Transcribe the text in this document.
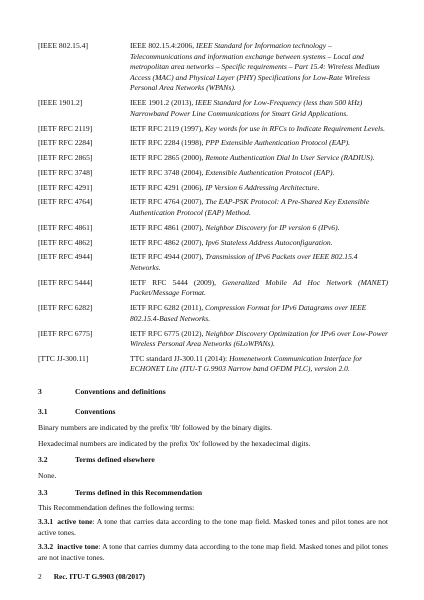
[IEEE 802.15.4]	IEEE 802.15.4:2006, IEEE Standard for Information technology – Telecommunications and information exchange between systems – Local and metropolitan area networks – Specific requirements – Part 15.4: Wireless Medium Access (MAC) and Physical Layer (PHY) Specifications for Low-Rate Wireless Personal Area Networks (WPANs).
[IEEE 1901.2]	IEEE 1901.2 (2013), IEEE Standard for Low-Frequency (less than 500 kHz) Narrowband Power Line Communications for Smart Grid Applications.
[IETF RFC 2119]	IETF RFC 2119 (1997), Key words for use in RFCs to Indicate Requirement Levels.
[IETF RFC 2284]	IETF RFC 2284 (1998), PPP Extensible Authentication Protocol (EAP).
[IETF RFC 2865]	IETF RFC 2865 (2000), Remote Authentication Dial In User Service (RADIUS).
[IETF RFC 3748]	IETF RFC 3748 (2004), Extensible Authentication Protocol (EAP).
[IETF RFC 4291]	IETF RFC 4291 (2006), IP Version 6 Addressing Architecture.
[IETF RFC 4764]	IETF RFC 4764 (2007), The EAP-PSK Protocol: A Pre-Shared Key Extensible Authentication Protocol (EAP) Method.
[IETF RFC 4861]	IETF RFC 4861 (2007), Neighbor Discovery for IP version 6 (IPv6).
[IETF RFC 4862]	IETF RFC 4862 (2007), Ipv6 Stateless Address Autoconfiguration.
[IETF RFC 4944]	IETF RFC 4944 (2007), Transmission of IPv6 Packets over IEEE 802.15.4 Networks.
[IETF RFC 5444]	IETF RFC 5444 (2009), Generalized Mobile Ad Hoc Network (MANET) Packet/Message Format.
[IETF RFC 6282]	IETF RFC 6282 (2011), Compression Format for IPv6 Datagrams over IEEE 802.15.4-Based Networks.
[IETF RFC 6775]	IETF RFC 6775 (2012), Neighbor Discovery Optimization for IPv6 over Low-Power Wireless Personal Area Networks (6LoWPANs).
[TTC JJ-300.11]	TTC standard JJ-300.11 (2014): Homenetwork Communication Interface for ECHONET Lite (ITU-T G.9903 Narrow band OFDM PLC), version 2.0.
3	Conventions and definitions
3.1	Conventions

Binary numbers are indicated by the prefix '0b' followed by the binary digits.

Hexadecimal numbers are indicated by the prefix '0x' followed by the hexadecimal digits.

3.2	Terms defined elsewhere

None.

3.3	Terms defined in this Recommendation

This Recommendation defines the following terms:

3.3.1 active tone: A tone that carries data according to the tone map field. Masked tones and pilot tones are not active tones.

3.3.2 inactive tone: A tone that carries dummy data according to the tone map field. Masked tones and pilot tones are not inactive tones.

2 Rec. ITU-T G.9903 (08/2017)
